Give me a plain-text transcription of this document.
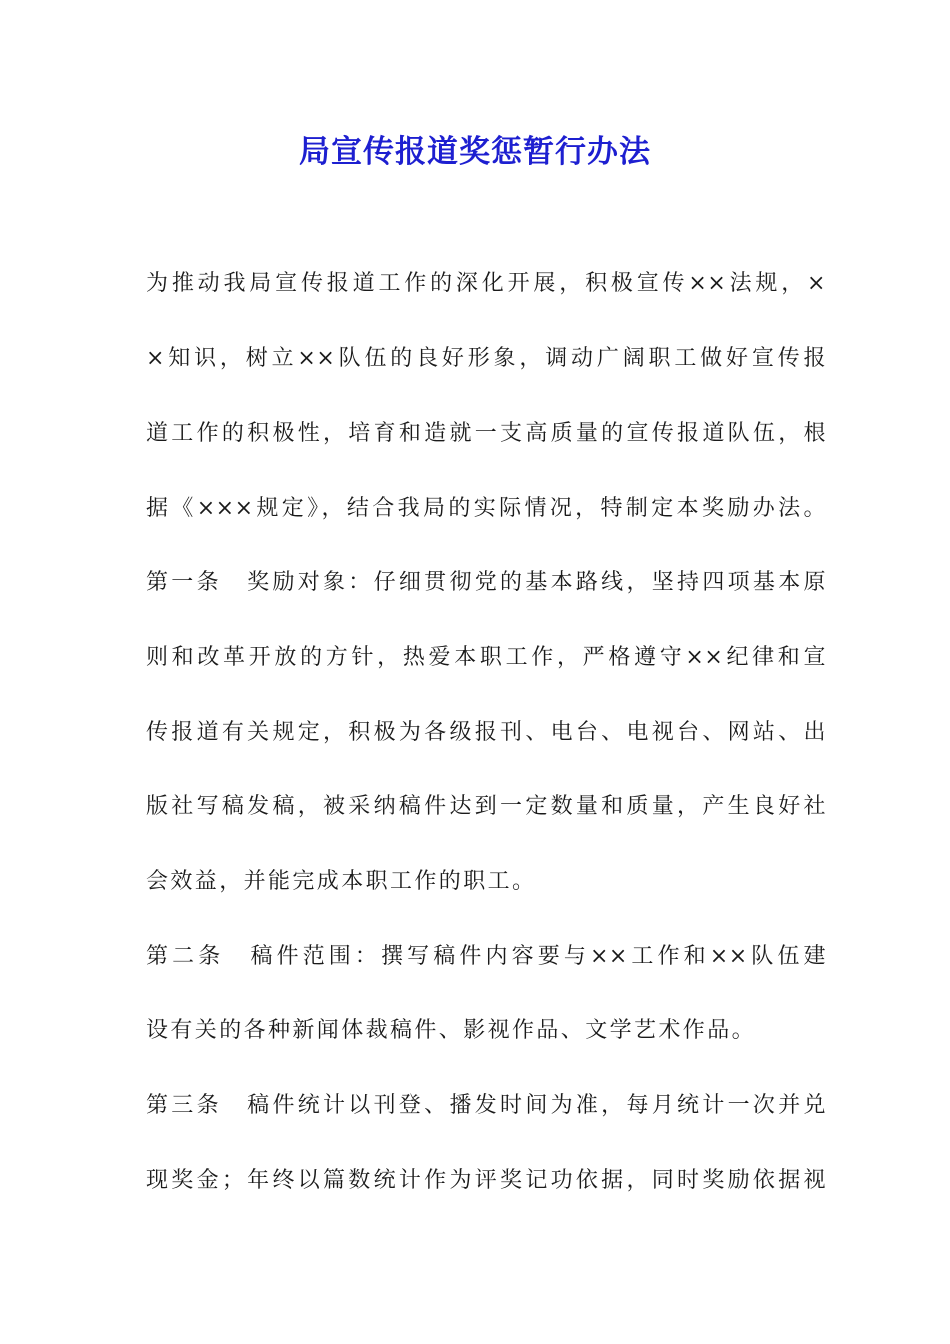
局宣传报道奖惩暂行办法
为推动我局宣传报道工作的深化开展，积极宣传××法规，×
×知识，树立××队伍的良好形象，调动广阔职工做好宣传报
道工作的积极性，培育和造就一支高质量的宣传报道队伍，根
据《×××规定》，结合我局的实际情况，特制定本奖励办法。
第一条　奖励对象：仔细贯彻党的基本路线，坚持四项基本原
则和改革开放的方针，热爱本职工作，严格遵守××纪律和宣
传报道有关规定，积极为各级报刊、电台、电视台、网站、出
版社写稿发稿，被采纳稿件达到一定数量和质量，产生良好社
会效益，并能完成本职工作的职工。
第二条　稿件范围：撰写稿件内容要与××工作和××队伍建
设有关的各种新闻体裁稿件、影视作品、文学艺术作品。
第三条　稿件统计以刊登、播发时间为准，每月统计一次并兑
现奖金；年终以篇数统计作为评奖记功依据，同时奖励依据视
